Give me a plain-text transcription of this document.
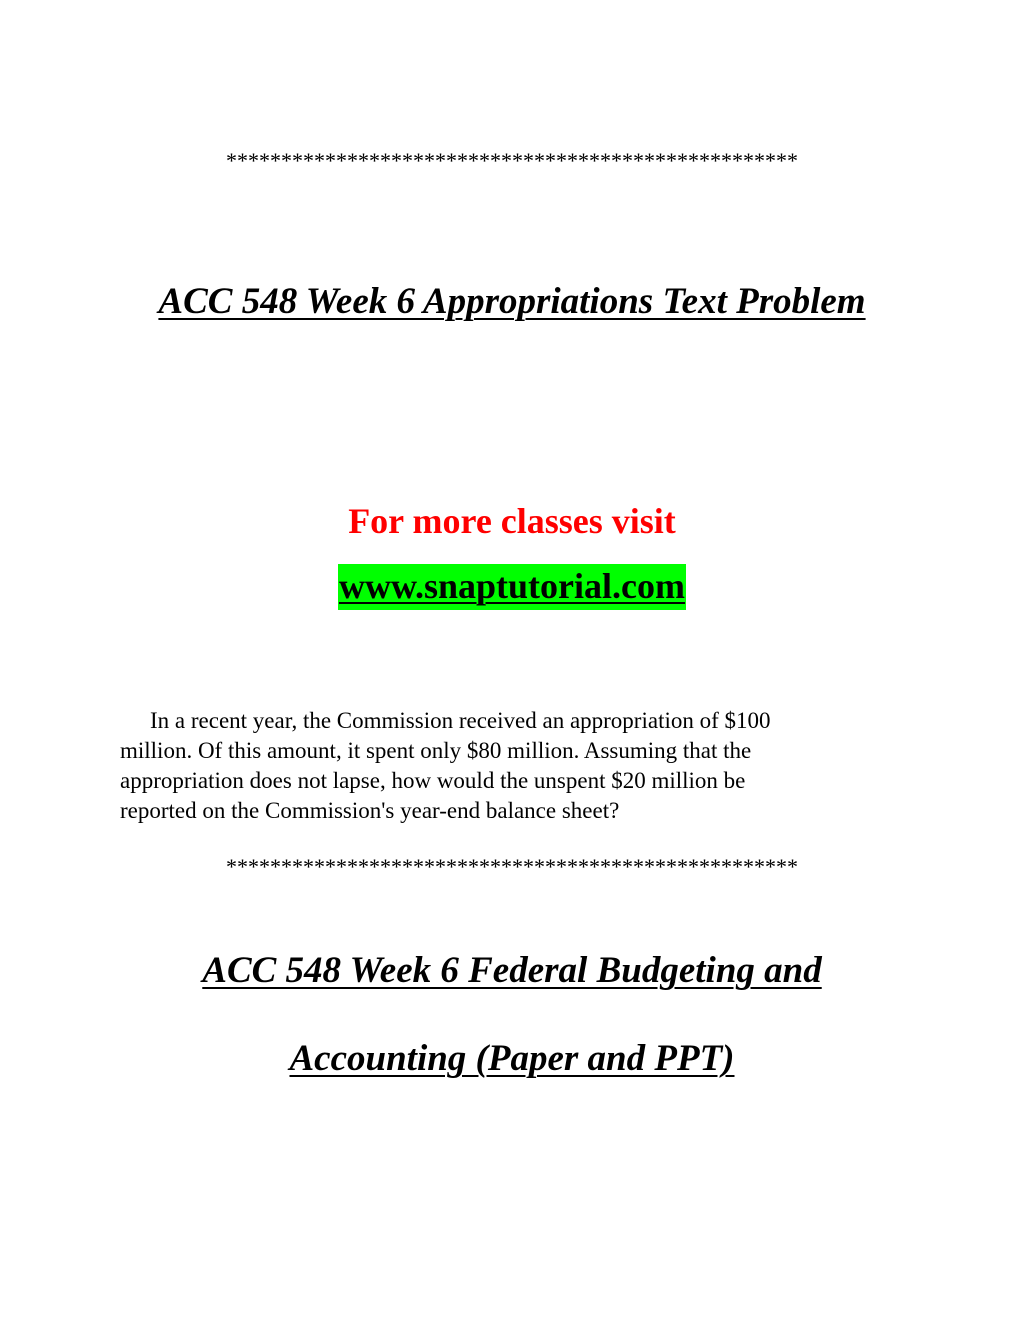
****************************************************
ACC 548 Week 6 Appropriations Text Problem
For more classes visit
www.snaptutorial.com
In a recent year, the Commission received an appropriation of $100
million. Of this amount, it spent only $80 million. Assuming that the
appropriation does not lapse, how would the unspent $20 million be
reported on the Commission's year-end balance sheet?
****************************************************
ACC 548 Week 6 Federal Budgeting and
Accounting (Paper and PPT)
